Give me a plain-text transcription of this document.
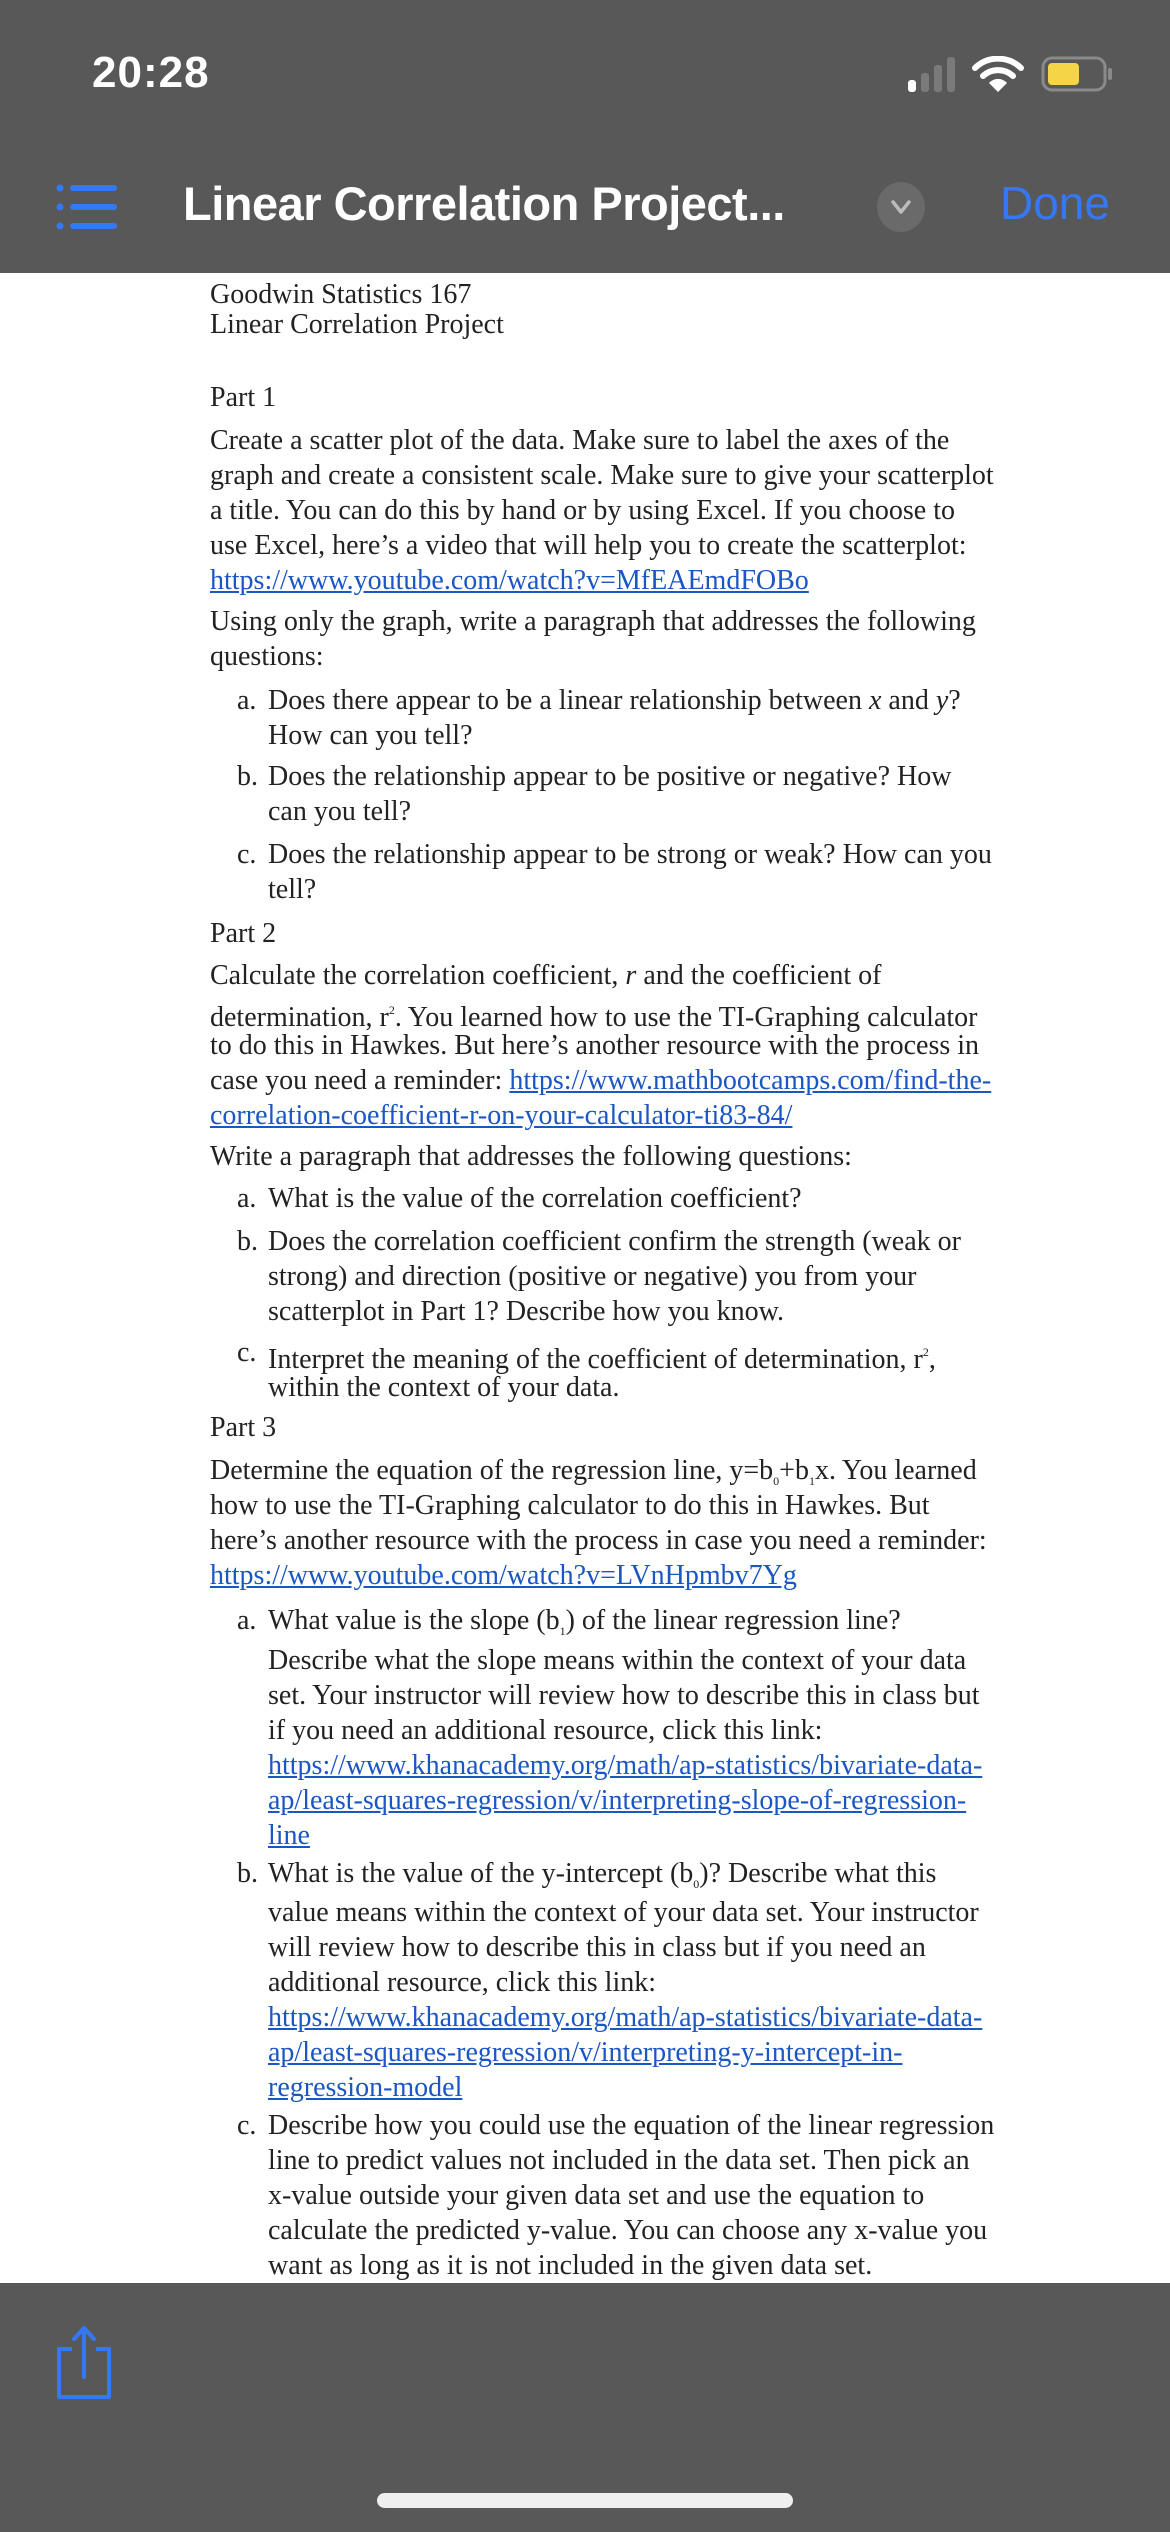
20:28
Linear Correlation Project...	Done
Goodwin Statistics 167
Linear Correlation Project
Part 1
Create a scatter plot of the data. Make sure to label the axes of the
graph and create a consistent scale. Make sure to give your scatterplot
a title. You can do this by hand or by using Excel. If you choose to
use Excel, here’s a video that will help you to create the scatterplot:
https://www.youtube.com/watch?v=MfEAEmdFOBo
Using only the graph, write a paragraph that addresses the following
questions:
a. Does there appear to be a linear relationship between x and y?
How can you tell?
b. Does the relationship appear to be positive or negative? How
can you tell?
c. Does the relationship appear to be strong or weak? How can you
tell?
Part 2
Calculate the correlation coefficient, r and the coefficient of
determination, $r^2$. You learned how to use the TI-Graphing calculator
to do this in Hawkes. But here’s another resource with the process in
case you need a reminder: https://www.mathbootcamps.com/find-the-
correlation-coefficient-r-on-your-calculator-ti83-84/
Write a paragraph that addresses the following questions:
a. What is the value of the correlation coefficient?
b. Does the correlation coefficient confirm the strength (weak or
strong) and direction (positive or negative) you from your
scatterplot in Part 1? Describe how you know.
c. Interpret the meaning of the coefficient of determination, $r^2$,
within the context of your data.
Part 3
Determine the equation of the regression line, $y=b_0+b_1x$. You learned
how to use the TI-Graphing calculator to do this in Hawkes. But
here’s another resource with the process in case you need a reminder:
https://www.youtube.com/watch?v=LVnHpmbv7Yg
a. What value is the slope $(b_1)$ of the linear regression line?
Describe what the slope means within the context of your data
set. Your instructor will review how to describe this in class but
if you need an additional resource, click this link:
https://www.khanacademy.org/math/ap-statistics/bivariate-data-
ap/least-squares-regression/v/interpreting-slope-of-regression-
line
b. What is the value of the y-intercept $(b_0)$? Describe what this
value means within the context of your data set. Your instructor
will review how to describe this in class but if you need an
additional resource, click this link:
https://www.khanacademy.org/math/ap-statistics/bivariate-data-
ap/least-squares-regression/v/interpreting-y-intercept-in-
regression-model
c. Describe how you could use the equation of the linear regression
line to predict values not included in the data set. Then pick an
x-value outside your given data set and use the equation to
calculate the predicted y-value. You can choose any x-value you
want as long as it is not included in the given data set.
